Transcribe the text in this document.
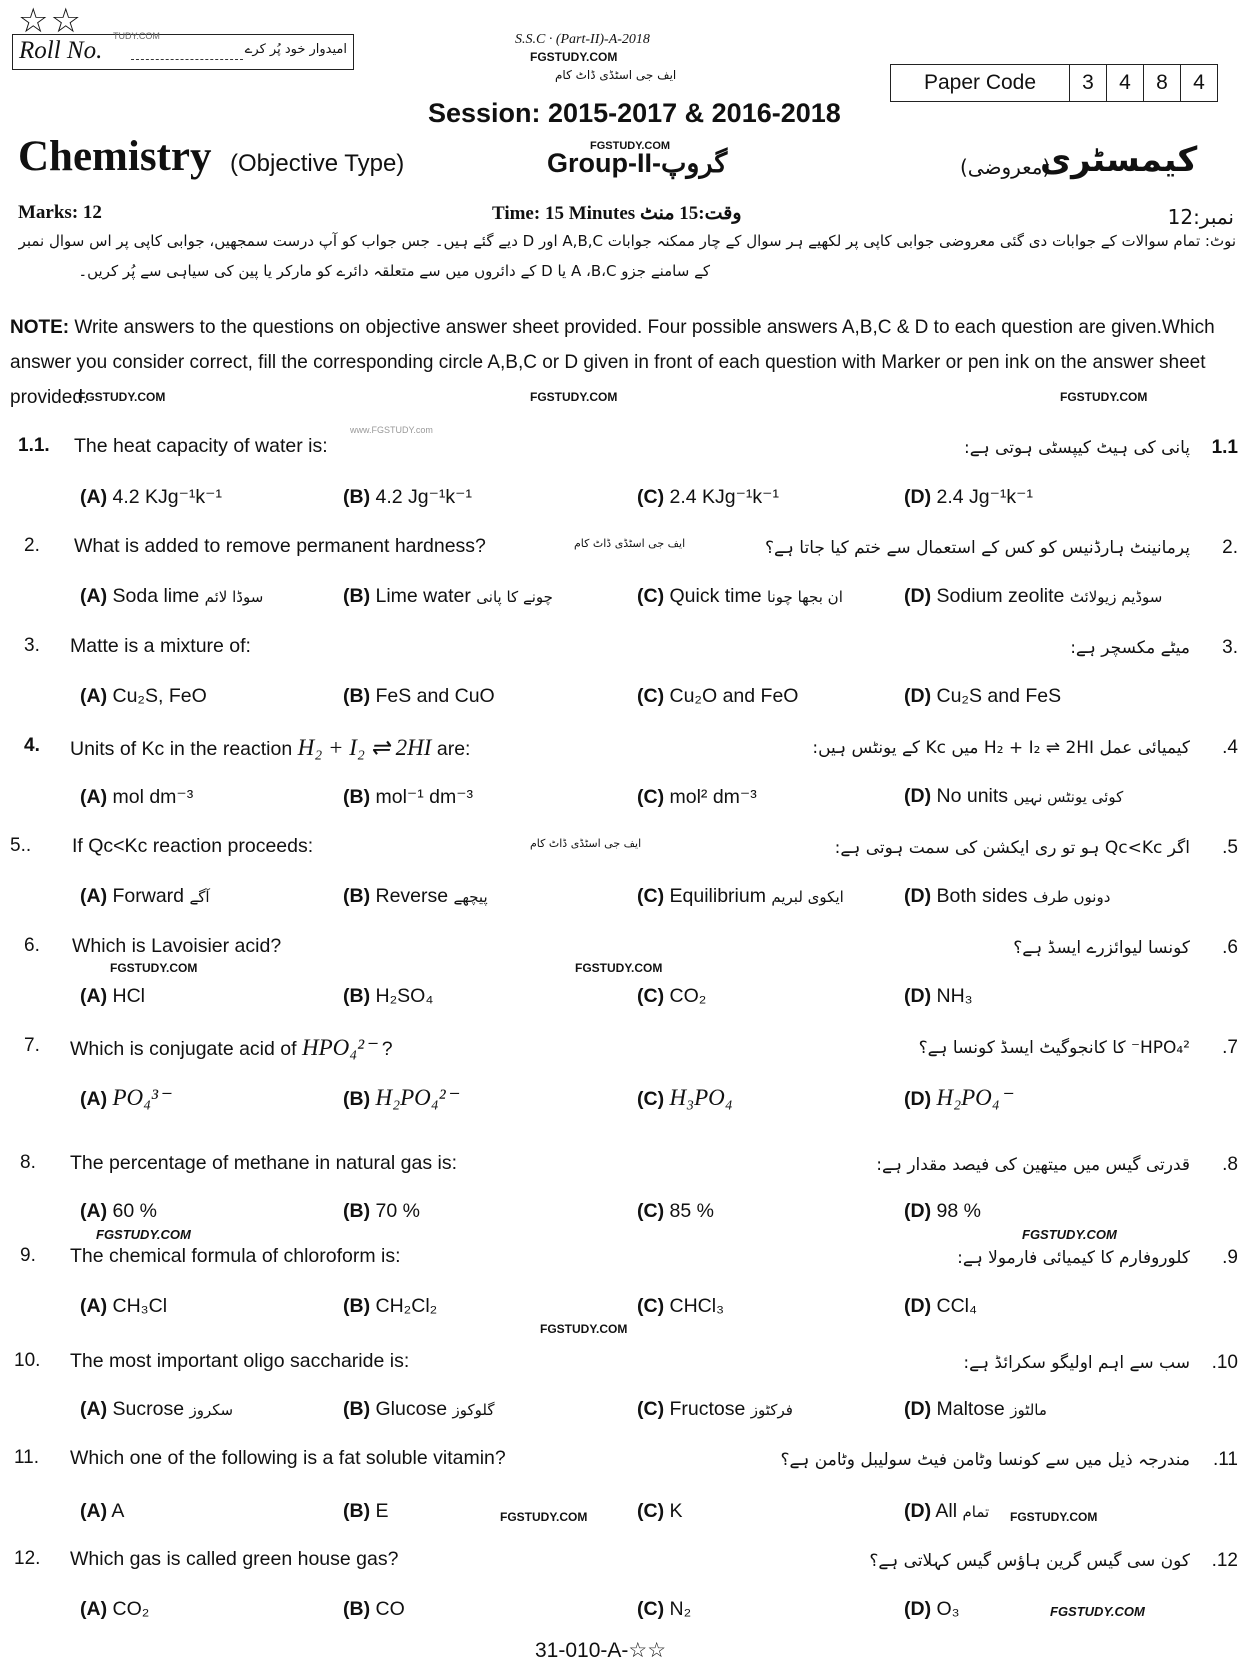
☆☆	TUDY.COM
Roll No.	امیدوار خود پُر کرے
S.S.C · (Part-II)-A-2018
FGSTUDY.COM
ایف جی اسٹڈی ڈاٹ کام	Paper Code	3	4	8	4
Session: 2015-2017 & 2016-2018
Chemistry (Objective Type)
FGSTUDY.COM
Group-II-گروپ	(معروضی)
کیمسٹری
Marks: 12	Time: 15 Minutes وقت:15 منٹ	نمبر:12
نوٹ: تمام سوالات کے جوابات دی گئی معروضی جوابی کاپی پر لکھیے ہر سوال کے چار ممکنہ جوابات A,B,C اور D دیے گئے ہیں۔ جس جواب کو آپ درست سمجھیں، جوابی کاپی پر اس سوال نمبر
کے سامنے جزو A ،B،C یا D کے دائروں میں سے متعلقہ دائرے کو مارکر یا پین کی سیاہی سے پُر کریں۔
NOTE: Write answers to the questions on objective answer sheet provided. Four possible answers A,B,C & D to each question are given.Which answer you consider correct, fill the corresponding circle A,B,C or D given in front of each question with Marker or pen ink on the answer sheet provided.
FGSTUDY.COM	FGSTUDY.COM	FGSTUDY.COM
1.1. The heat capacity of water is:
www.FGSTUDY.com
پانی کی ہیٹ کیپسٹی ہوتی ہے: 1.1
(A) 4.2 KJg⁻¹k⁻¹	(B) 4.2 Jg⁻¹k⁻¹	(C) 2.4 KJg⁻¹k⁻¹	(D) 2.4 Jg⁻¹k⁻¹
2. What is added to remove permanent hardness?	ایف جی اسٹڈی ڈاٹ کام	پرمانینٹ ہارڈنیس کو کس کے استعمال سے ختم کیا جاتا ہے؟ 2.
(A) Soda lime سوڈا لائم	(B) Lime water چونے کا پانی	(C) Quick time ان بجھا چونا	(D) Sodium zeolite سوڈیم زیولائٹ
3. Matte is a mixture of:	میٹے مکسچر ہے: 3.
(A) Cu₂S, FeO	(B) FeS and CuO	(C) Cu₂O and FeO	(D) Cu₂S and FeS
4. Units of Kc in the reaction H₂ + I₂ ⇌ 2HI are:	کیمیائی عمل H₂ + I₂ ⇌ 2HI میں Kc کے یونٹس ہیں: .4
(A) mol dm⁻³	(B) mol⁻¹ dm⁻³	(C) mol² dm⁻³	(D) No units کوئی یونٹس نہیں
5.. If Qc<Kc reaction proceeds:	ایف جی اسٹڈی ڈاٹ کام	اگر Qc<Kc ہو تو ری ایکشن کی سمت ہوتی ہے: .5
(A) Forward آگے	(B) Reverse پیچھے	(C) Equilibrium ایکوی لبریم	(D) Both sides دونوں طرف
6. Which is Lavoisier acid?
FGSTUDY.COM	FGSTUDY.COM
کونسا لیوائزرے ایسڈ ہے؟ .6
(A) HCl	(B) H₂SO₄	(C) CO₂	(D) NH₃
7. Which is conjugate acid of HPO₄²⁻ ?	HPO₄²⁻ کا کانجوگیٹ ایسڈ کونسا ہے؟ .7
(A) PO₄³⁻	(B) H₂PO₄²⁻	(C) H₃PO₄	(D) H₂PO₄⁻
8. The percentage of methane in natural gas is:	قدرتی گیس میں میتھین کی فیصد مقدار ہے: .8
(A) 60 %	(B) 70 %	(C) 85 %	(D) 98 %
FGSTUDY.COM	FGSTUDY.COM
9. The chemical formula of chloroform is:	کلوروفارم کا کیمیائی فارمولا ہے: .9
(A) CH₃Cl	(B) CH₂Cl₂	(C) CHCl₃	(D) CCl₄
FGSTUDY.COM
10. The most important oligo saccharide is:	سب سے اہم اولیگو سکرائڈ ہے: .10
(A) Sucrose سکروز	(B) Glucose گلوکوز	(C) Fructose فرکٹوز	(D) Maltose مالٹوز
11. Which one of the following is a fat soluble vitamin?	مندرجہ ذیل میں سے کونسا وٹامن فیٹ سولیبل وٹامن ہے؟ .11
(A) A	(B) E	FGSTUDY.COM	(C) K	(D) All تمام FGSTUDY.COM
12. Which gas is called green house gas?	کون سی گیس گرین ہاؤس گیس کہلاتی ہے؟ .12
(A) CO₂	(B) CO	(C) N₂	(D) O₃	FGSTUDY.COM
31-010-A-☆☆
